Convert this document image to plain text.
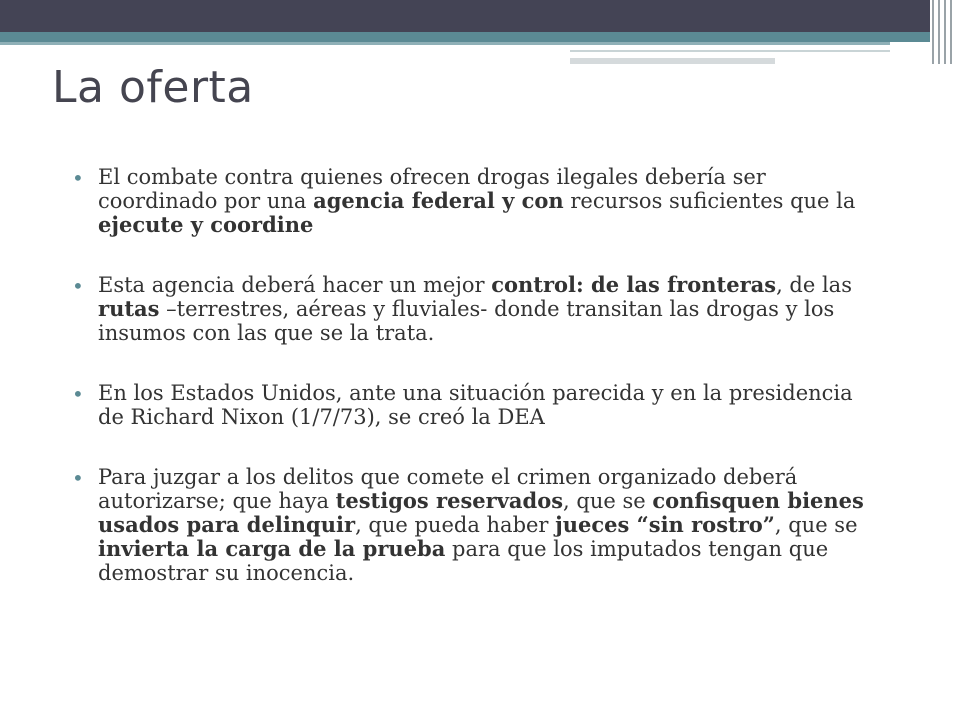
La oferta
• El combate contra quienes ofrecen drogas ilegales debería ser coordinado por una agencia federal y con recursos suficientes que la ejecute y coordine
• Esta agencia deberá hacer un mejor control: de las fronteras, de las rutas –terrestres, aéreas y fluviales- donde transitan las drogas y los insumos con las que se la trata.
• En los Estados Unidos, ante una situación parecida y en la presidencia de Richard Nixon (1/7/73), se creó la DEA
• Para juzgar a los delitos que comete el crimen organizado deberá autorizarse; que haya testigos reservados, que se confisquen bienes usados para delinquir, que pueda haber jueces “sin rostro”, que se invierta la carga de la prueba para que los imputados tengan que demostrar su inocencia.
